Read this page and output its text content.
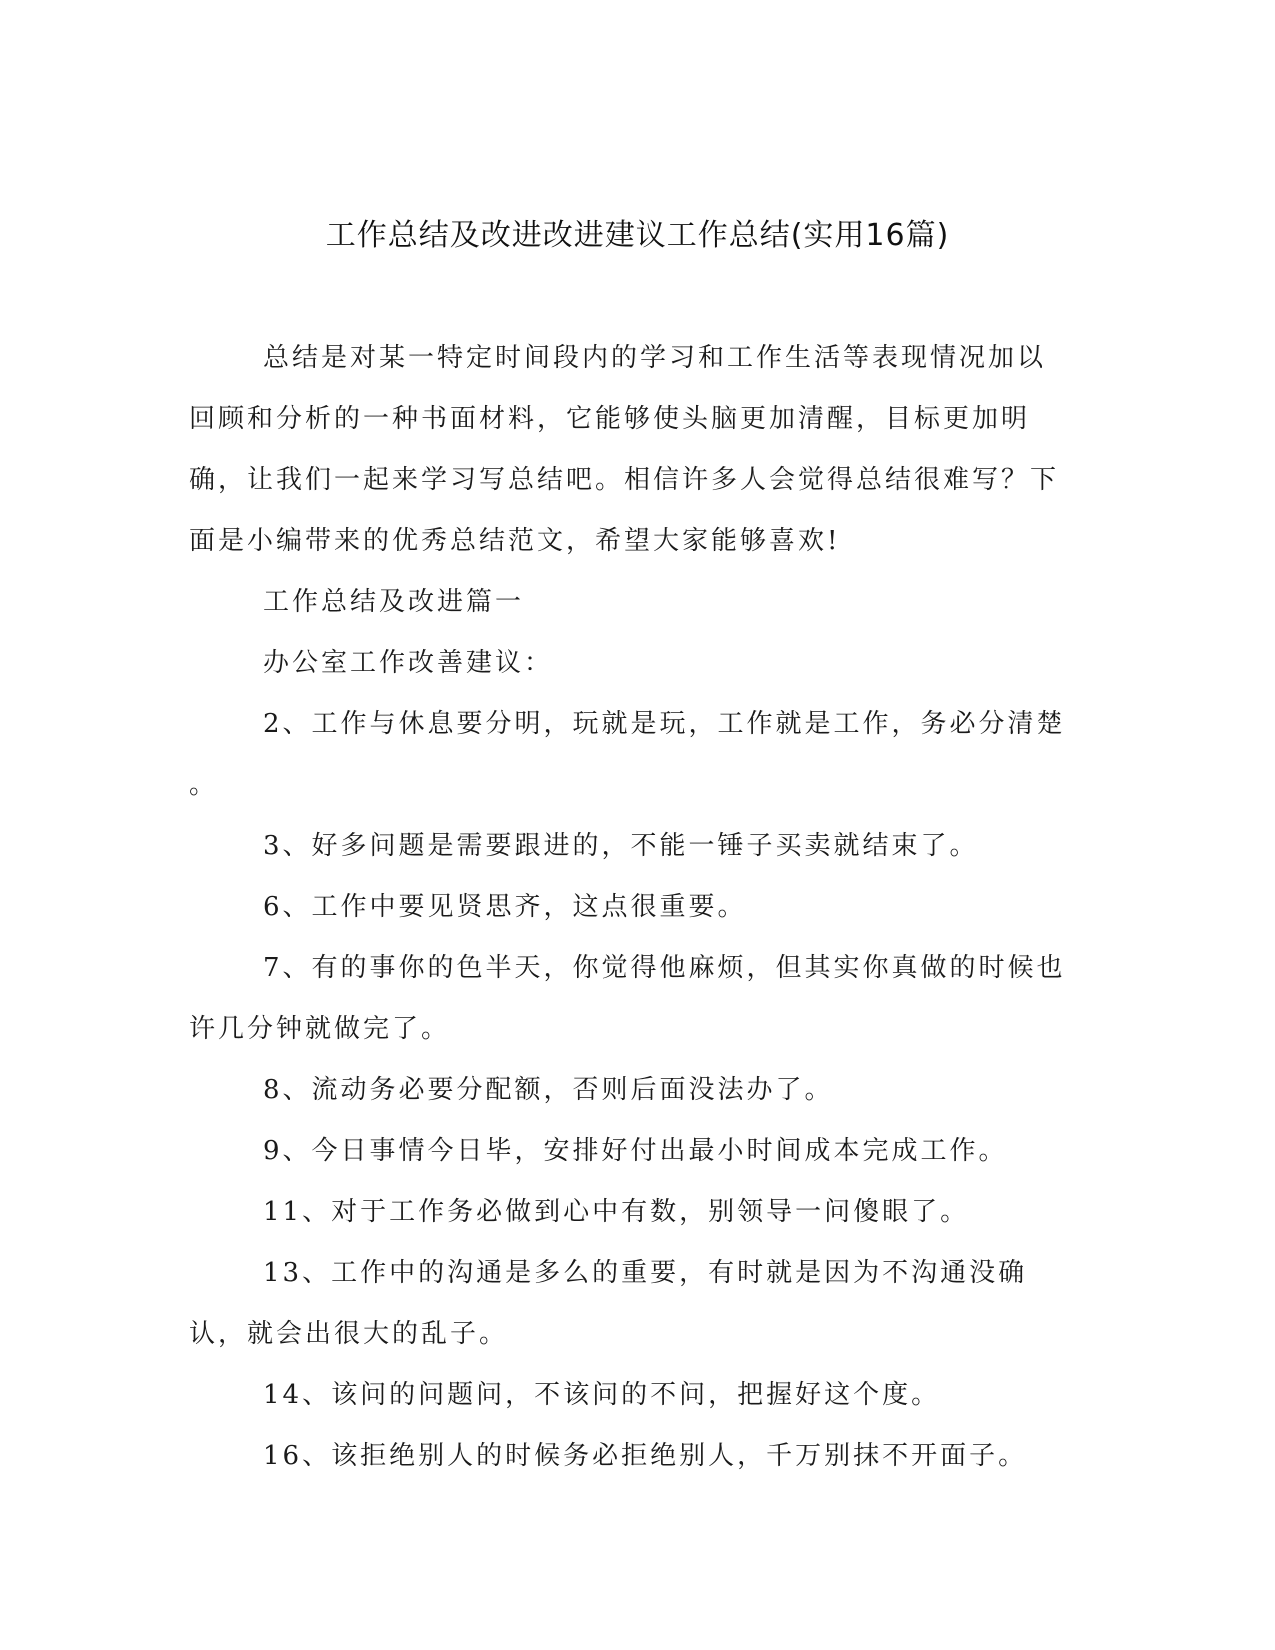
工作总结及改进改进建议工作总结(实用16篇)

总结是对某一特定时间段内的学习和工作生活等表现情况加以回顾和分析的一种书面材料，它能够使头脑更加清醒，目标更加明确，让我们一起来学习写总结吧。相信许多人会觉得总结很难写？下面是小编带来的优秀总结范文，希望大家能够喜欢!

工作总结及改进篇一

办公室工作改善建议：

2、工作与休息要分明，玩就是玩，工作就是工作，务必分清楚
。

3、好多问题是需要跟进的，不能一锤子买卖就结束了。

6、工作中要见贤思齐，这点很重要。

7、有的事你的色半天，你觉得他麻烦，但其实你真做的时候也许几分钟就做完了。

8、流动务必要分配额，否则后面没法办了。

9、今日事情今日毕，安排好付出最小时间成本完成工作。

11、对于工作务必做到心中有数，别领导一问傻眼了。

13、工作中的沟通是多么的重要，有时就是因为不沟通没确认，就会出很大的乱子。

14、该问的问题问，不该问的不问，把握好这个度。

16、该拒绝别人的时候务必拒绝别人，千万别抹不开面子。
